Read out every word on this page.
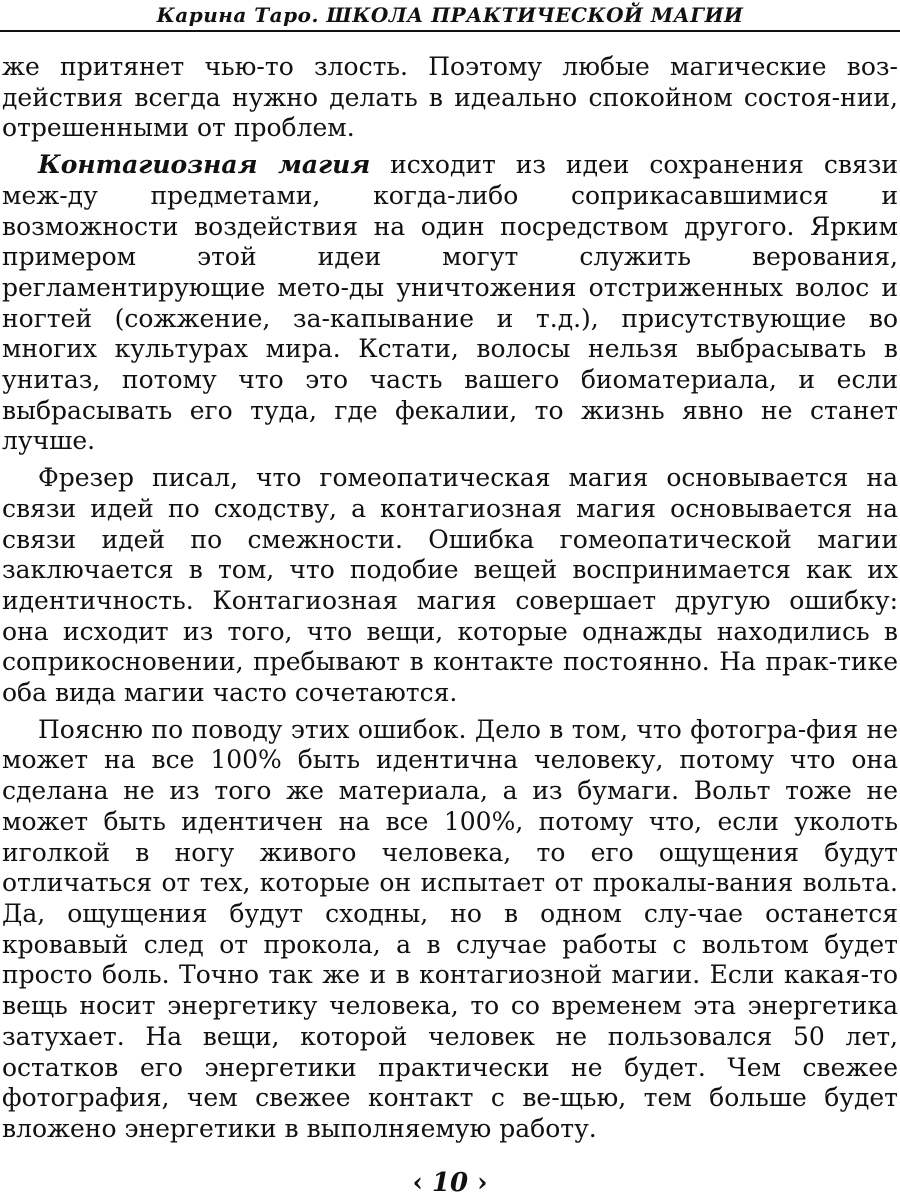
Карина Таро. ШКОЛА ПРАКТИЧЕСКОЙ МАГИИ

же притянет чью-то злость. Поэтому любые магические воз-действия всегда нужно делать в идеально спокойном состоя-нии, отрешенными от проблем.

Контагиозная магия исходит из идеи сохранения связи меж-ду предметами, когда-либо соприкасавшимися и возможности воздействия на один посредством другого. Ярким примером этой идеи могут служить верования, регламентирующие мето-ды уничтожения отстриженных волос и ногтей (сожжение, за-капывание и т.д.), присутствующие во многих культурах мира. Кстати, волосы нельзя выбрасывать в унитаз, потому что это часть вашего биоматериала, и если выбрасывать его туда, где фекалии, то жизнь явно не станет лучше.

Фрезер писал, что гомеопатическая магия основывается на связи идей по сходству, а контагиозная магия основывается на связи идей по смежности. Ошибка гомеопатической магии заключается в том, что подобие вещей воспринимается как их идентичность. Контагиозная магия совершает другую ошибку: она исходит из того, что вещи, которые однажды находились в соприкосновении, пребывают в контакте постоянно. На прак-тике оба вида магии часто сочетаются.

Поясню по поводу этих ошибок. Дело в том, что фотогра-фия не может на все 100% быть идентична человеку, потому что она сделана не из того же материала, а из бумаги. Вольт тоже не может быть идентичен на все 100%, потому что, если уколоть иголкой в ногу живого человека, то его ощущения будут отличаться от тех, которые он испытает от прокалы-вания вольта. Да, ощущения будут сходны, но в одном слу-чае останется кровавый след от прокола, а в случае работы с вольтом будет просто боль. Точно так же и в контагиозной магии. Если какая-то вещь носит энергетику человека, то со временем эта энергетика затухает. На вещи, которой человек не пользовался 50 лет, остатков его энергетики практически не будет. Чем свежее фотография, чем свежее контакт с ве-щью, тем больше будет вложено энергетики в выполняемую работу.

‹ 10 ›
